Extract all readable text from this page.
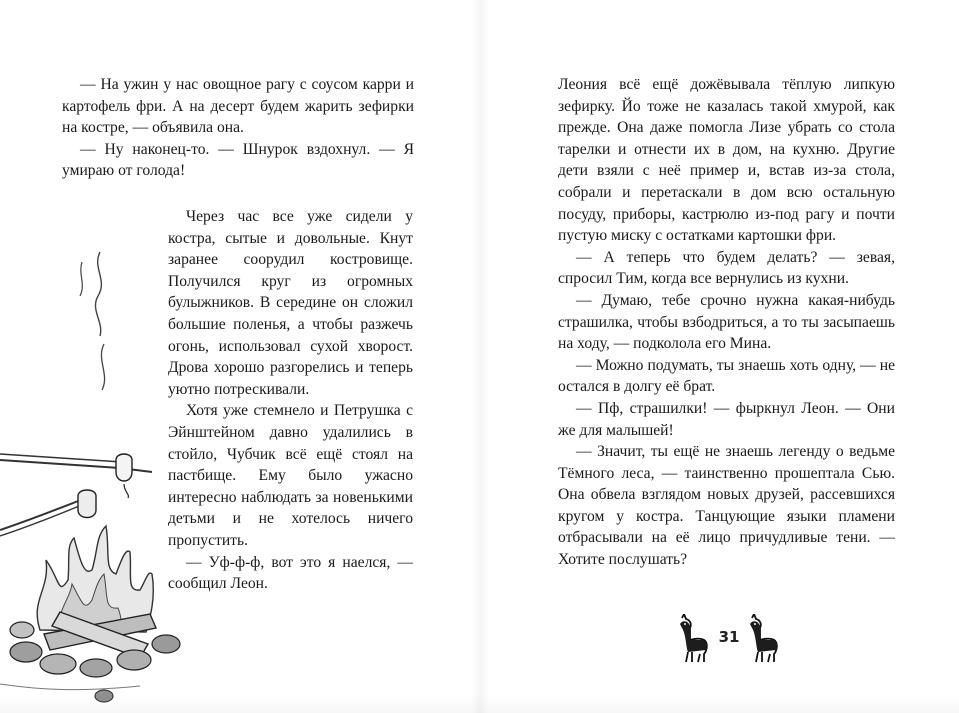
— На ужин у нас овощное рагу с соусом карри и картофель фри. А на десерт будем жарить зефирки на костре, — объявила она.

— Ну наконец-то. — Шнурок вздохнул. — Я умираю от голода!

Через час все уже сидели у костра, сытые и довольные. Кнут заранее соорудил костровище. Получился круг из огромных булыжников. В середине он сложил большие поленья, а чтобы разжечь огонь, использовал сухой хворост. Дрова хорошо разгорелись и теперь уютно потрескивали.

Хотя уже стемнело и Петрушка с Эйнштейном давно удалились в стойло, Чубчик всё ещё стоял на пастбище. Ему было ужасно интересно наблюдать за новенькими детьми и не хотелось ничего пропустить.

— Уф-ф-ф, вот это я наелся, — сообщил Леон.

Леония всё ещё дожёвывала тёплую липкую зефирку. Йо тоже не казалась такой хмурой, как прежде. Она даже помогла Лизе убрать со стола тарелки и отнести их в дом, на кухню. Другие дети взяли с неё пример и, встав из-за стола, собрали и перетаскали в дом всю остальную посуду, приборы, кастрюлю из-под рагу и почти пустую миску с остатками картошки фри.

— А теперь что будем делать? — зевая, спросил Тим, когда все вернулись из кухни.

— Думаю, тебе срочно нужна какая-нибудь страшилка, чтобы взбодриться, а то ты засыпаешь на ходу, — подколола его Мина.

— Можно подумать, ты знаешь хоть одну, — не остался в долгу её брат.

— Пф, страшилки! — фыркнул Леон. — Они же для малышей!

— Значит, ты ещё не знаешь легенду о ведьме Тёмного леса, — таинственно прошептала Сью. Она обвела взглядом новых друзей, рассевшихся кругом у костра. Танцующие языки пламени отбрасывали на её лицо причудливые тени. — Хотите послушать?

31
